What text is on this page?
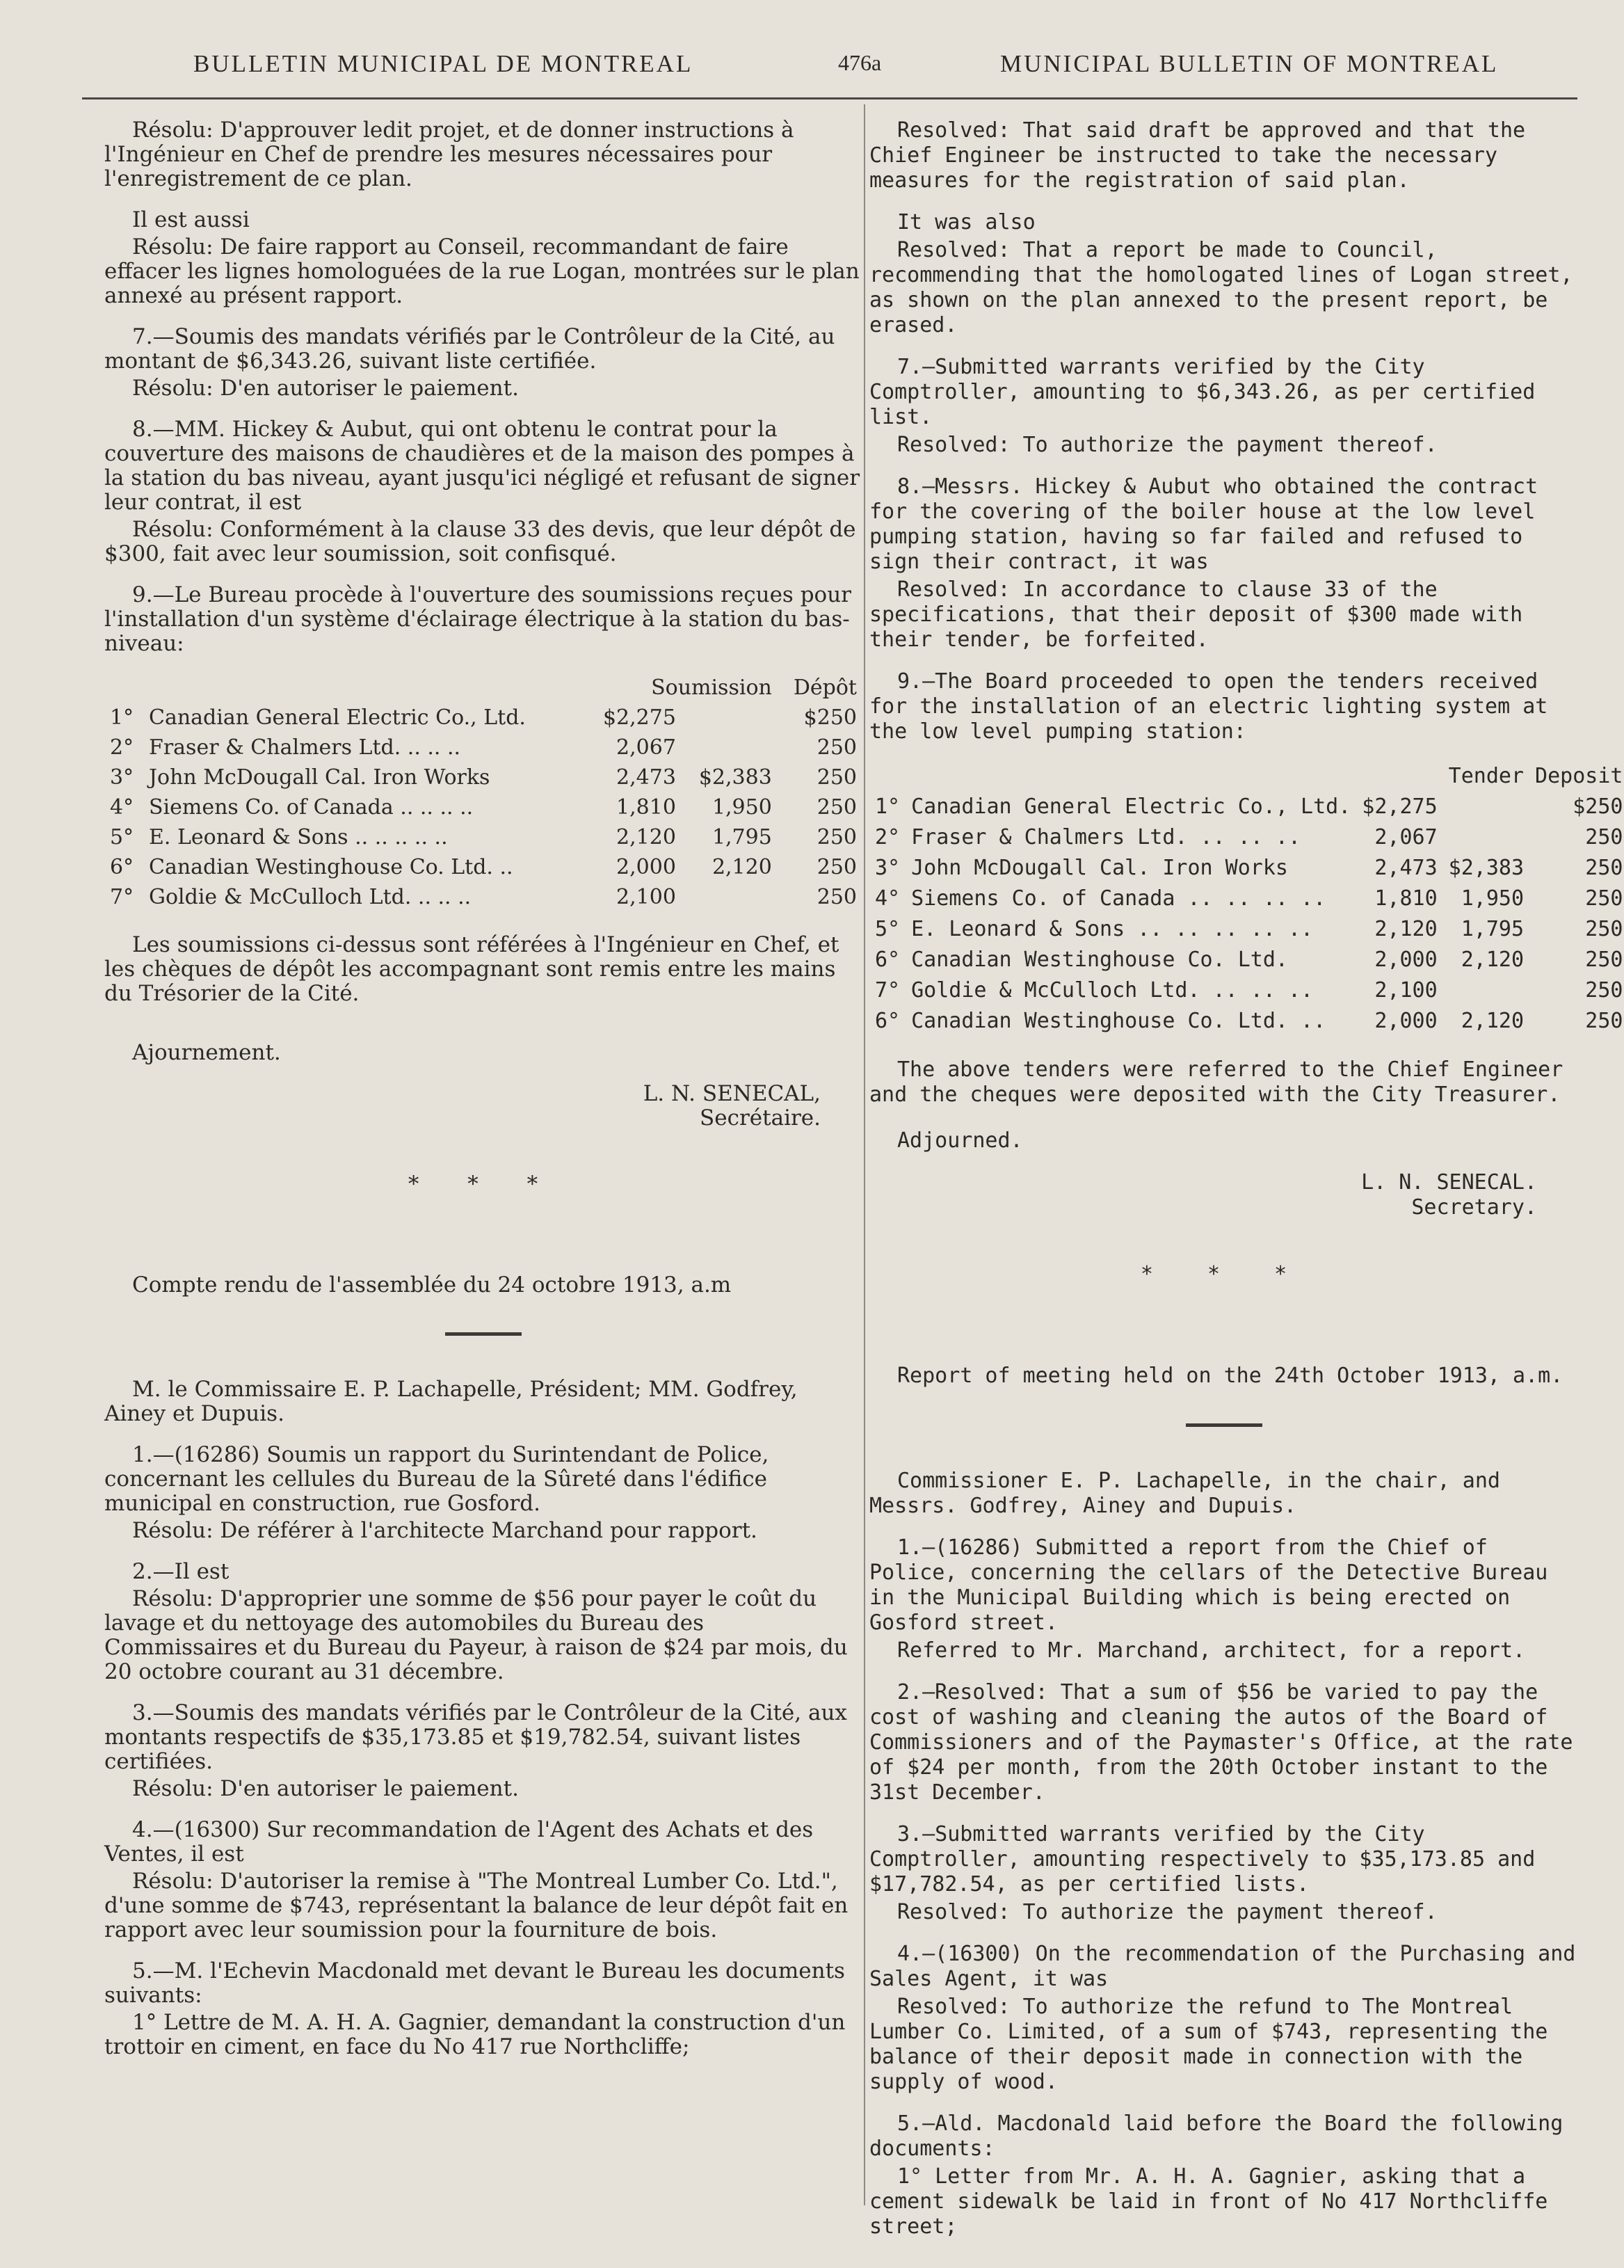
BULLETIN MUNICIPAL DE MONTREAL	476a	MUNICIPAL BULLETIN OF MONTREAL

Résolu: D'approuver ledit projet, et de donner instructions à l'Ingénieur en Chef de prendre les mesures nécessaires pour l'enregistrement de ce plan.

Il est aussi

Résolu: De faire rapport au Conseil, recommandant de faire effacer les lignes homologuées de la rue Logan, montrées sur le plan annexé au présent rapport.

7.—Soumis des mandats vérifiés par le Contrôleur de la Cité, au montant de $6,343.26, suivant liste certifiée.

Résolu: D'en autoriser le paiement.

8.—MM. Hickey & Aubut, qui ont obtenu le contrat pour la couverture des maisons de chaudières et de la maison des pompes à la station du bas niveau, ayant jusqu'ici négligé et refusant de signer leur contrat, il est

Résolu: Conformément à la clause 33 des devis, que leur dépôt de $300, fait avec leur soumission, soit confisqué.

9.—Le Bureau procède à l'ouverture des soumissions reçues pour l'installation d'un système d'éclairage électrique à la station du bas-niveau:

		Soumission		Dépôt
1°	Canadian General Electric Co., Ltd.	$2,275		$250
2°	Fraser & Chalmers Ltd. .. .. ..	2,067		250
3°	John McDougall Cal. Iron Works	2,473	$2,383	250
4°	Siemens Co. of Canada .. .. .. ..	1,810	1,950	250
5°	E. Leonard & Sons .. .. .. .. ..	2,120	1,795	250
6°	Canadian Westinghouse Co. Ltd. ..	2,000	2,120	250
7°	Goldie & McCulloch Ltd. .. .. ..	2,100		250

Les soumissions ci-dessus sont référées à l'Ingénieur en Chef, et les chèques de dépôt les accompagnant sont remis entre les mains du Trésorier de la Cité.

Ajournement.

L. N. SENECAL,
Secrétaire.
* * *

Compte rendu de l'assemblée du 24 octobre 1913, a.m

M. le Commissaire E. P. Lachapelle, Président; MM. Godfrey, Ainey et Dupuis.

1.—(16286) Soumis un rapport du Surintendant de Police, concernant les cellules du Bureau de la Sûreté dans l'édifice municipal en construction, rue Gosford.

Résolu: De référer à l'architecte Marchand pour rapport.

2.—Il est

Résolu: D'approprier une somme de $56 pour payer le coût du lavage et du nettoyage des automobiles du Bureau des Commissaires et du Bureau du Payeur, à raison de $24 par mois, du 20 octobre courant au 31 décembre.

3.—Soumis des mandats vérifiés par le Contrôleur de la Cité, aux montants respectifs de $35,173.85 et $19,782.54, suivant listes certifiées.

Résolu: D'en autoriser le paiement.

4.—(16300) Sur recommandation de l'Agent des Achats et des Ventes, il est

Résolu: D'autoriser la remise à "The Montreal Lumber Co. Ltd.", d'une somme de $743, représentant la balance de leur dépôt fait en rapport avec leur soumission pour la fourniture de bois.

5.—M. l'Echevin Macdonald met devant le Bureau les documents suivants:

1° Lettre de M. A. H. A. Gagnier, demandant la construction d'un trottoir en ciment, en face du No 417 rue Northcliffe;

Resolved: That said draft be approved and that the Chief Engineer be instructed to take the necessary measures for the registration of said plan.

It was also

Resolved: That a report be made to Council, recommending that the homologated lines of Logan street, as shown on the plan annexed to the present report, be erased.

7.—Submitted warrants verified by the City Comptroller, amounting to $6,343.26, as per certified list.

Resolved: To authorize the payment thereof.

8.—Messrs. Hickey & Aubut who obtained the contract for the covering of the boiler house at the low level pumping station, having so far failed and refused to sign their contract, it was

Resolved: In accordance to clause 33 of the specifications, that their deposit of $300 made with their tender, be forfeited.

9.—The Board proceeded to open the tenders received for the installation of an electric lighting system at the low level pumping station:

		Tender		Deposit
1°	Canadian General Electric Co., Ltd.	$2,275		$250
2°	Fraser & Chalmers Ltd. .. .. ..	2,067		250
3°	John McDougall Cal. Iron Works	2,473	$2,383	250
4°	Siemens Co. of Canada .. .. .. ..	1,810	1,950	250
5°	E. Leonard & Sons .. .. .. .. ..	2,120	1,795	250
6°	Canadian Westinghouse Co. Ltd.	2,000	2,120	250
7°	Goldie & McCulloch Ltd. .. .. ..	2,100		250
6°	Canadian Westinghouse Co. Ltd. ..	2,000	2,120	250

The above tenders were referred to the Chief Engineer and the cheques were deposited with the City Treasurer.

Adjourned.

L. N. SENECAL.
Secretary.
* * *

Report of meeting held on the 24th October 1913, a.m.

Commissioner E. P. Lachapelle, in the chair, and Messrs. Godfrey, Ainey and Dupuis.

1.—(16286) Submitted a report from the Chief of Police, concerning the cellars of the Detective Bureau in the Municipal Building which is being erected on Gosford street.

Referred to Mr. Marchand, architect, for a report.

2.—Resolved: That a sum of $56 be varied to pay the cost of washing and cleaning the autos of the Board of Commissioners and of the Paymaster's Office, at the rate of $24 per month, from the 20th October instant to the 31st December.

3.—Submitted warrants verified by the City Comptroller, amounting respectively to $35,173.85 and $17,782.54, as per certified lists.

Resolved: To authorize the payment thereof.

4.—(16300) On the recommendation of the Purchasing and Sales Agent, it was

Resolved: To authorize the refund to The Montreal Lumber Co. Limited, of a sum of $743, representing the balance of their deposit made in connection with the supply of wood.

5.—Ald. Macdonald laid before the Board the following documents:

1° Letter from Mr. A. H. A. Gagnier, asking that a cement sidewalk be laid in front of No 417 Northcliffe street;
